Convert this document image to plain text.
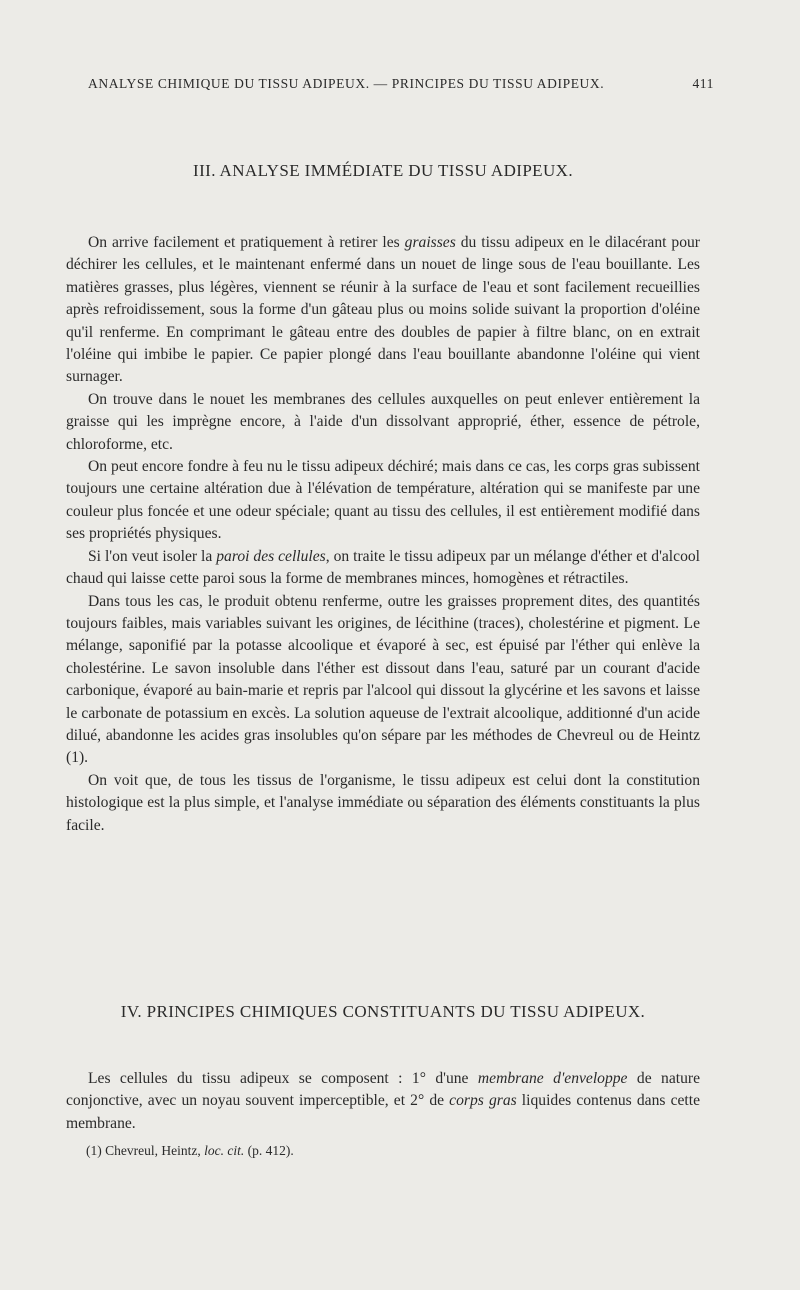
ANALYSE CHIMIQUE DU TISSU ADIPEUX. — PRINCIPES DU TISSU ADIPEUX.	411
III. ANALYSE IMMÉDIATE DU TISSU ADIPEUX.

On arrive facilement et pratiquement à retirer les graisses du tissu adipeux en le dilacérant pour déchirer les cellules, et le maintenant enfermé dans un nouet de linge sous de l'eau bouillante. Les matières grasses, plus légères, viennent se réunir à la surface de l'eau et sont facilement recueillies après refroidissement, sous la forme d'un gâteau plus ou moins solide suivant la proportion d'oléine qu'il renferme. En comprimant le gâteau entre des doubles de papier à filtre blanc, on en extrait l'oléine qui imbibe le papier. Ce papier plongé dans l'eau bouillante abandonne l'oléine qui vient surnager.

On trouve dans le nouet les membranes des cellules auxquelles on peut enlever entièrement la graisse qui les imprègne encore, à l'aide d'un dissolvant approprié, éther, essence de pétrole, chloroforme, etc.

On peut encore fondre à feu nu le tissu adipeux déchiré; mais dans ce cas, les corps gras subissent toujours une certaine altération due à l'élévation de température, altération qui se manifeste par une couleur plus foncée et une odeur spéciale; quant au tissu des cellules, il est entièrement modifié dans ses propriétés physiques.

Si l'on veut isoler la paroi des cellules, on traite le tissu adipeux par un mélange d'éther et d'alcool chaud qui laisse cette paroi sous la forme de membranes minces, homogènes et rétractiles.

Dans tous les cas, le produit obtenu renferme, outre les graisses proprement dites, des quantités toujours faibles, mais variables suivant les origines, de lécithine (traces), cholestérine et pigment. Le mélange, saponifié par la potasse alcoolique et évaporé à sec, est épuisé par l'éther qui enlève la cholestérine. Le savon insoluble dans l'éther est dissout dans l'eau, saturé par un courant d'acide carbonique, évaporé au bain-marie et repris par l'alcool qui dissout la glycérine et les savons et laisse le carbonate de potassium en excès. La solution aqueuse de l'extrait alcoolique, additionné d'un acide dilué, abandonne les acides gras insolubles qu'on sépare par les méthodes de Chevreul ou de Heintz (1).

On voit que, de tous les tissus de l'organisme, le tissu adipeux est celui dont la constitution histologique est la plus simple, et l'analyse immédiate ou séparation des éléments constituants la plus facile.

IV. PRINCIPES CHIMIQUES CONSTITUANTS DU TISSU ADIPEUX.

Les cellules du tissu adipeux se composent : 1° d'une membrane d'enveloppe de nature conjonctive, avec un noyau souvent imperceptible, et 2° de corps gras liquides contenus dans cette membrane.

(1) Chevreul, Heintz, loc. cit. (p. 412).
